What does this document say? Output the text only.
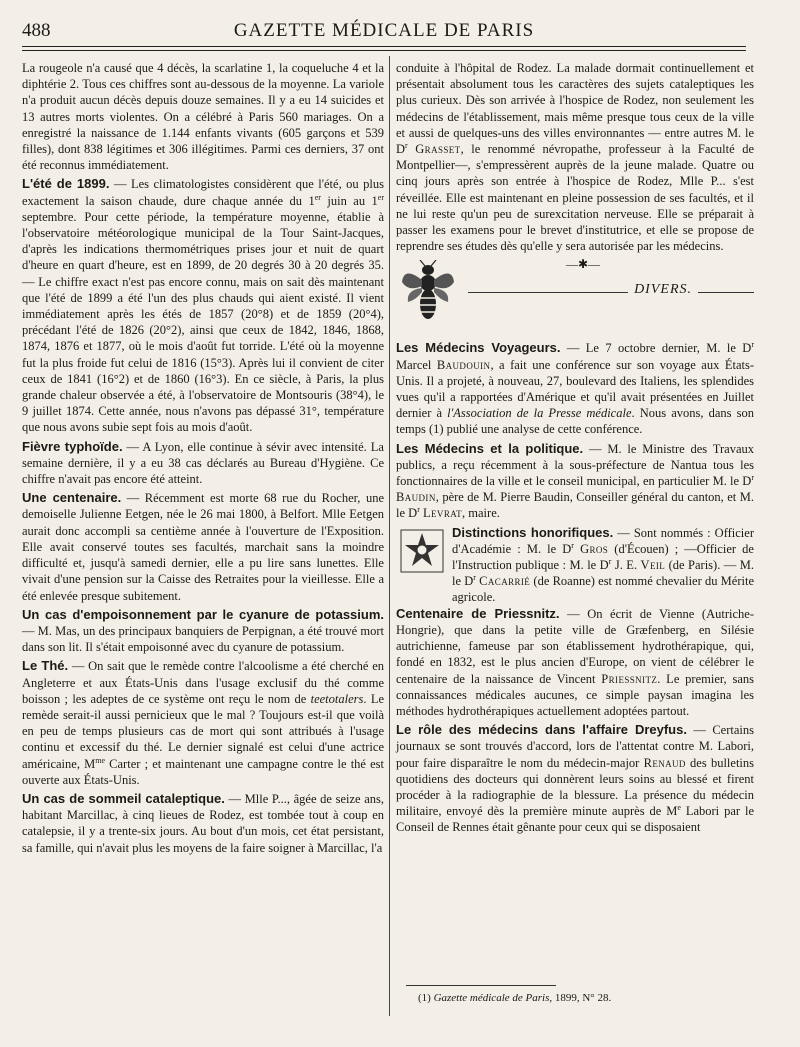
488	GAZETTE MÉDICALE DE PARIS

La rougeole n'a causé que 4 décès, la scarlatine 1, la coqueluche 4 et la diphtérie 2. Tous ces chiffres sont au-dessous de la moyenne. La variole n'a produit aucun décès depuis douze semaines. Il y a eu 14 suicides et 13 autres morts violentes. On a célébré à Paris 560 mariages. On a enregistré la naissance de 1.144 enfants vivants (605 garçons et 539 filles), dont 838 légitimes et 306 illégitimes. Parmi ces derniers, 37 ont été reconnus immédiatement.

L'été de 1899. — Les climatologistes considèrent que l'été, ou plus exactement la saison chaude, dure chaque année du 1er juin au 1er septembre. Pour cette période, la température moyenne, établie à l'observatoire météorologique municipal de la Tour Saint-Jacques, d'après les indications thermométriques prises jour et nuit de quart d'heure en quart d'heure, est en 1899, de 20 degrés 30 à 20 degrés 35. — Le chiffre exact n'est pas encore connu, mais on sait dès maintenant que l'été de 1899 a été l'un des plus chauds qui aient existé. Il vient immédiatement après les étés de 1857 (20°8) et de 1859 (20°4), précédant l'été de 1826 (20°2), ainsi que ceux de 1842, 1846, 1868, 1874, 1876 et 1877, où le mois d'août fut torride. L'été où la moyenne fut la plus froide fut celui de 1816 (15°3). Après lui il convient de citer ceux de 1841 (16°2) et de 1860 (16°3). En ce siècle, à Paris, la plus grande chaleur observée a été, à l'observatoire de Montsouris (38°4), le 9 juillet 1874. Cette année, nous n'avons pas dépassé 31°, température que nous avons subie sept fois au mois d'août.

Fièvre typhoïde. — A Lyon, elle continue à sévir avec intensité. La semaine dernière, il y a eu 38 cas déclarés au Bureau d'Hygiène. Ce chiffre n'avait pas encore été atteint.

Une centenaire. — Récemment est morte 68 rue du Rocher, une demoiselle Julienne Eetgen, née le 26 mai 1800, à Belfort. Mlle Eetgen aurait donc accompli sa centième année à l'ouverture de l'Exposition. Elle avait conservé toutes ses facultés, marchait sans la moindre difficulté et, jusqu'à samedi dernier, elle a pu lire sans lunettes. Elle vivait d'une pension sur la Caisse des Retraites pour la vieillesse. Elle a été enlevée presque subitement.

Un cas d'empoisonnement par le cyanure de potassium. — M. Mas, un des principaux banquiers de Perpignan, a été trouvé mort dans son lit. Il s'était empoisonné avec du cyanure de potassium.

Le Thé. — On sait que le remède contre l'alcoolisme a été cherché en Angleterre et aux États-Unis dans l'usage exclusif du thé comme boisson ; les adeptes de ce système ont reçu le nom de teetotalers. Le remède serait-il aussi pernicieux que le mal ? Toujours est-il que voilà en peu de temps plusieurs cas de mort qui sont attribués à l'usage continu et excessif du thé. Le dernier signalé est celui d'une actrice américaine, $M^{me}$ Carter ; et maintenant une campagne contre le thé est ouverte aux États-Unis.

Un cas de sommeil cataleptique. — Mlle P..., âgée de seize ans, habitant Marcillac, à cinq lieues de Rodez, est tombée tout à coup en catalepsie, il y a trente-six jours. Au bout d'un mois, cet état persistant, sa famille, qui n'avait plus les moyens de la faire soigner à Marcillac, l'a

conduite à l'hôpital de Rodez. La malade dormait continuellement et présentait absolument tous les caractères des sujets cataleptiques les plus curieux. Dès son arrivée à l'hospice de Rodez, non seulement les médecins de l'établissement, mais même presque tous ceux de la ville et aussi de quelques-uns des villes environnantes — entre autres M. le $D^r$ Grasset, le renommé névropathe, professeur à la Faculté de Montpellier—, s'empressèrent auprès de la jeune malade. Quatre ou cinq jours après son entrée à l'hospice de Rodez, Mlle P... s'est réveillée. Elle est maintenant en pleine possession de ses facultés, et il ne lui reste qu'un peu de surexcitation nerveuse. Elle se préparait à passer les examens pour le brevet d'institutrice, et elle se propose de reprendre ses études dès qu'elle y sera autorisée par les médecins.

—✱—
DIVERS.

Les Médecins Voyageurs. — Le 7 octobre dernier, M. le $D^r$ Marcel Baudouin, a fait une conférence sur son voyage aux États-Unis. Il a projeté, à nouveau, 27, boulevard des Italiens, les splendides vues qu'il a rapportées d'Amérique et qu'il avait présentées en Juillet dernier à l'Association de la Presse médicale. Nous avons, dans son temps (1) publié une analyse de cette conférence.

Les Médecins et la politique. — M. le Ministre des Travaux publics, a reçu récemment à la sous-préfecture de Nantua tous les fonctionnaires de la ville et le conseil municipal, en particulier M. le $D^r$ Baudin, père de M. Pierre Baudin, Conseiller général du canton, et M. le $D^r$ Levrat, maire.

Distinctions honorifiques. — Sont nommés : Officier d'Académie : M. le $D^r$ Gros (d'Écouen) ; —Officier de l'Instruction publique : M. le $D^r$ J. E. Veil (de Paris). — M. le $D^r$ Cacarrié (de Roanne) est nommé chevalier du Mérite agricole.

Centenaire de Priessnitz. — On écrit de Vienne (Autriche-Hongrie), que dans la petite ville de Græfenberg, en Silésie autrichienne, fameuse par son établissement hydrothérapique, qui, fondé en 1832, est le plus ancien d'Europe, on vient de célébrer le centenaire de la naissance de Vincent Priessnitz. Le premier, sans connaissances médicales aucunes, ce simple paysan imagina les méthodes hydrothérapiques actuellement adoptées partout.

Le rôle des médecins dans l'affaire Dreyfus. — Certains journaux se sont trouvés d'accord, lors de l'attentat contre M. Labori, pour faire disparaître le nom du médecin-major Renaud des bulletins quotidiens des docteurs qui donnèrent leurs soins au blessé et firent procéder à la radiographie de la blessure. La présence du médecin militaire, envoyé dès la première minute auprès de Me Labori par le Conseil de Rennes était gênante pour ceux qui se disposaient

(1) Gazette médicale de Paris, 1899, N° 28.
